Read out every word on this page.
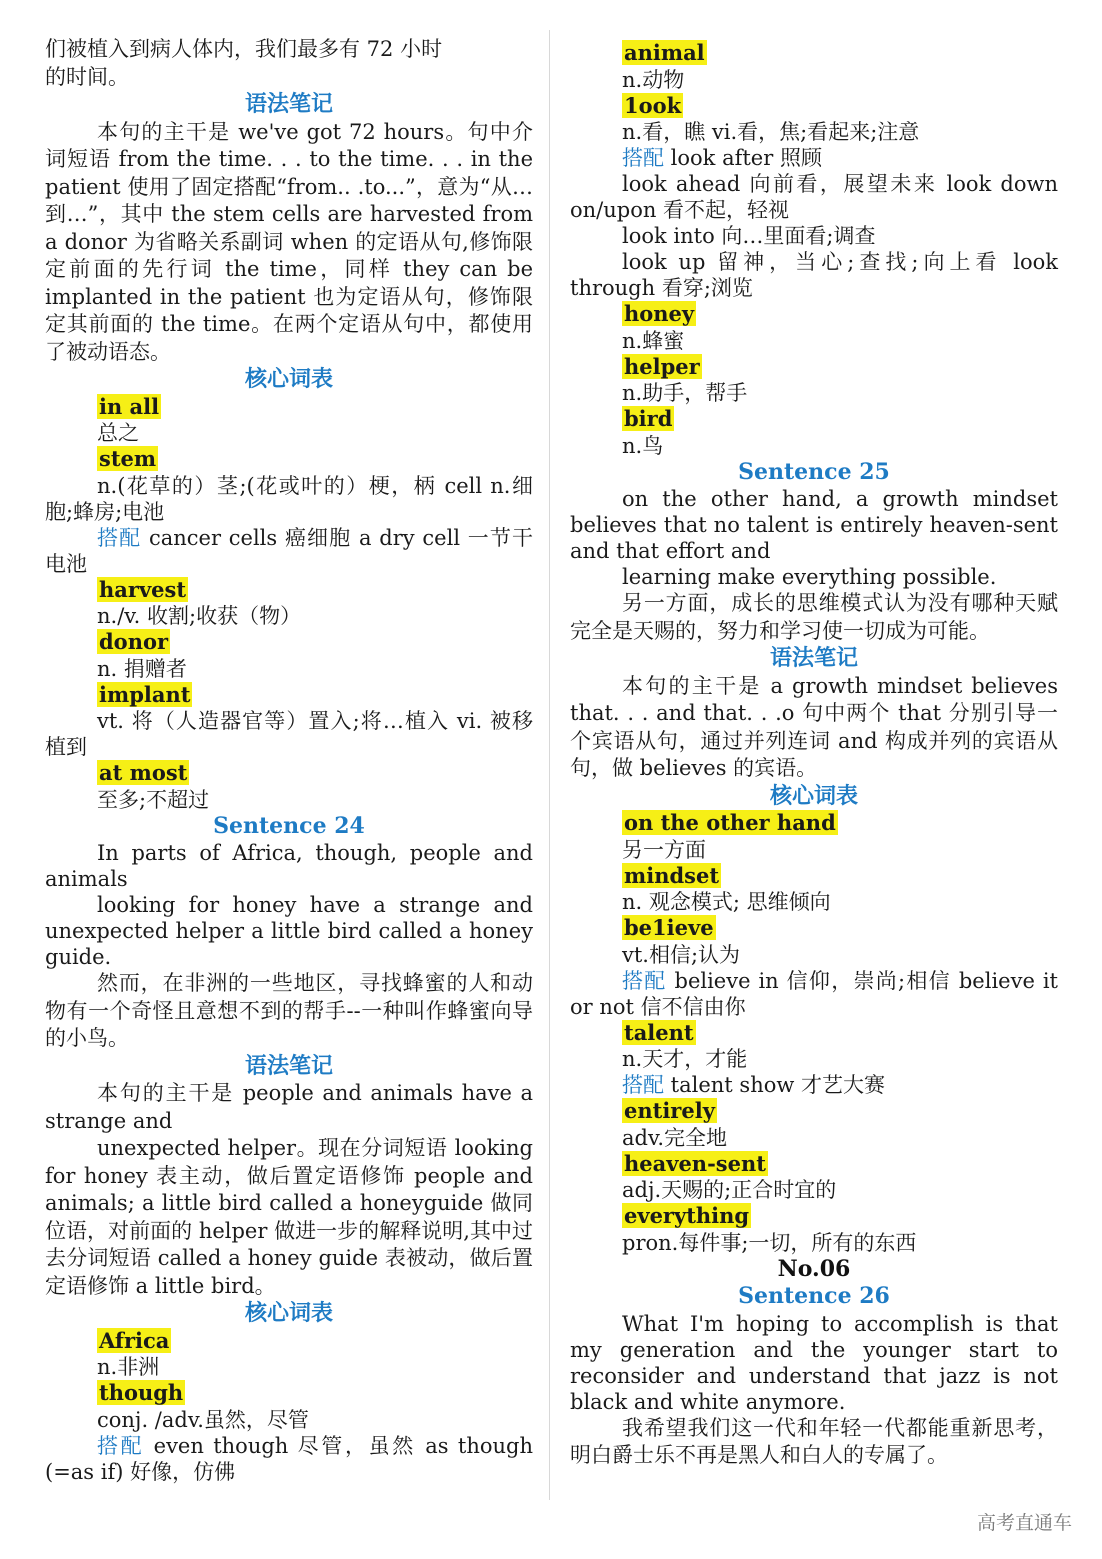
们被植入到病人体内，我们最多有 72 小时
的时间。
语法笔记
本句的主干是 we've got 72 hours。句中介词短语 from the time. . . to the time. . . in the patient 使用了固定搭配“from.. .to...”，意为“从…到…”，其中 the stem cells are harvested from a donor 为省略关系副词 when 的定语从句,修饰限定前面的先行词 the time，同样 they can be implanted in the patient 也为定语从句，修饰限定其前面的 the time。在两个定语从句中，都使用了被动语态。
核心词表
in all
总之
stem
n.(花草的）茎;(花或叶的）梗，柄 cell n.细胞;蜂房;电池
搭配 cancer cells 癌细胞 a dry cell 一节干电池
harvest
n./v. 收割;收获（物）
donor
n. 捐赠者
implant
vt. 将（人造器官等）置入;将…植入 vi. 被移植到
at most
至多;不超过
Sentence 24
In parts of Africa, though, people and animals
looking for honey have a strange and unexpected helper a little bird called a honey guide.
然而，在非洲的一些地区，寻找蜂蜜的人和动物有一个奇怪且意想不到的帮手--一种叫作蜂蜜向导的小鸟。
语法笔记
本句的主干是 people and animals have a strange and
unexpected helper。现在分词短语 looking for honey 表主动，做后置定语修饰 people and animals; a little bird called a honeyguide 做同位语，对前面的 helper 做进一步的解释说明,其中过去分词短语 called a honey guide 表被动，做后置定语修饰 a little bird。
核心词表
Africa
n.非洲
though
conj. /adv.虽然，尽管
搭配 even though 尽管，虽然 as though (=as if) 好像，仿佛
animal
n.动物
1ook
n.看，瞧 vi.看，焦;看起来;注意
搭配 look after 照顾
look ahead 向前看，展望未来 look down on/upon 看不起，轻视
look into 向…里面看;调查
look up 留神，当心;查找;向上看 look through 看穿;浏览
honey
n.蜂蜜
helper
n.助手，帮手
bird
n.鸟
Sentence 25
on the other hand, a growth mindset believes that no talent is entirely heaven-sent and that effort and
learning make everything possible.
另一方面，成长的思维模式认为没有哪种天赋完全是天赐的，努力和学习使一切成为可能。
语法笔记
本句的主干是 a growth mindset believes that. . . and that. . .o 句中两个 that 分别引导一个宾语从句，通过并列连词 and 构成并列的宾语从句，做 believes 的宾语。
核心词表
on the other hand
另一方面
mindset
n. 观念模式; 思维倾向
be1ieve
vt.相信;认为
搭配 believe in 信仰，崇尚;相信 believe it or not 信不信由你
talent
n.天才，才能
搭配 talent show 才艺大赛
entirely
adv.完全地
heaven-sent
adj.天赐的;正合时宜的
everything
pron.每件事;一切，所有的东西
No.06
Sentence 26
What I'm hoping to accomplish is that my generation and the younger start to reconsider and understand that jazz is not black and white anymore.
我希望我们这一代和年轻一代都能重新思考，明白爵士乐不再是黑人和白人的专属了。
高考直通车
